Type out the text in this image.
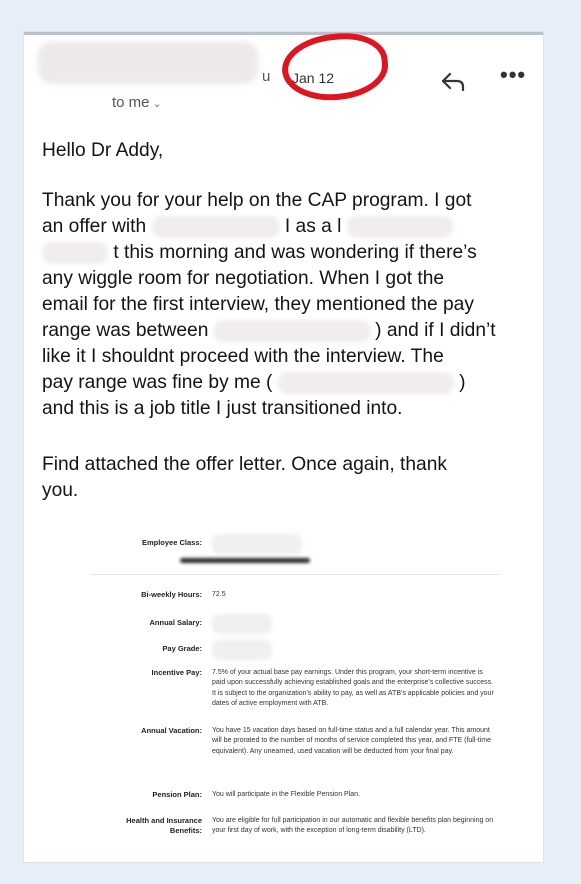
u Jan 12
to me ⌄
•••
Hello Dr Addy,
Thank you for your help on the CAP program. I got
an offer with	I as a l
t this morning and was wondering if there’s
any wiggle room for negotiation. When I got the
email for the first interview, they mentioned the pay
range was between	) and if I didn’t
like it I shouldnt proceed with the interview. The
pay range was fine by me (	)
and this is a job title I just transitioned into.
Find attached the offer letter. Once again, thank
you.
Employee Class:
Bi-weekly Hours: 72.5
Annual Salary:
Pay Grade:
Incentive Pay: 7.5% of your actual base pay earnings. Under this program, your short-term incentive is paid upon successfully achieving established goals and the enterprise's collective success. It is subject to the organization's ability to pay, as well as ATB's applicable policies and your dates of active employment with ATB.
Annual Vacation: You have 15 vacation days based on full-time status and a full calendar year. This amount will be prorated to the number of months of service completed this year, and FTE (full-time equivalent). Any unearned, used vacation will be deducted from your final pay.
Pension Plan: You will participate in the Flexible Pension Plan.
Health and Insurance
Benefits:
You are eligible for full participation in our automatic and flexible benefits plan beginning on your first day of work, with the exception of long-term disability (LTD).
